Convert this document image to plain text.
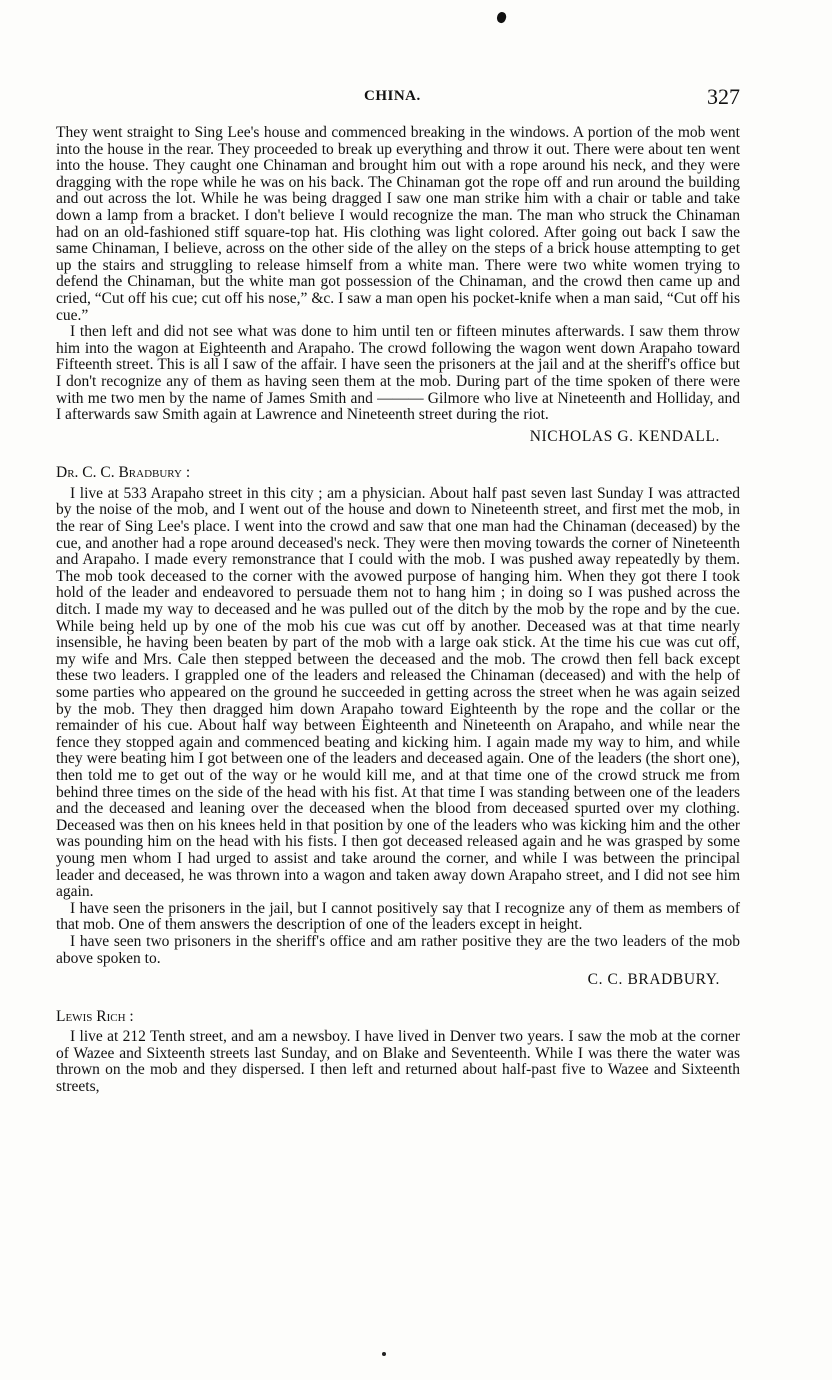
CHINA.	327

They went straight to Sing Lee's house and commenced breaking in the windows. A portion of the mob went into the house in the rear. They proceeded to break up everything and throw it out. There were about ten went into the house. They caught one Chinaman and brought him out with a rope around his neck, and they were dragging with the rope while he was on his back. The Chinaman got the rope off and run around the building and out across the lot. While he was being dragged I saw one man strike him with a chair or table and take down a lamp from a bracket. I don't believe I would recognize the man. The man who struck the Chinaman had on an old-fashioned stiff square-top hat. His clothing was light colored. After going out back I saw the same Chinaman, I believe, across on the other side of the alley on the steps of a brick house attempting to get up the stairs and struggling to release himself from a white man. There were two white women trying to defend the Chinaman, but the white man got possession of the Chinaman, and the crowd then came up and cried, “Cut off his cue; cut off his nose,” &c. I saw a man open his pocket-knife when a man said, “Cut off his cue.”

I then left and did not see what was done to him until ten or fifteen minutes afterwards. I saw them throw him into the wagon at Eighteenth and Arapaho. The crowd following the wagon went down Arapaho toward Fifteenth street. This is all I saw of the affair. I have seen the prisoners at the jail and at the sheriff's office but I don't recognize any of them as having seen them at the mob. During part of the time spoken of there were with me two men by the name of James Smith and ——— Gilmore who live at Nineteenth and Holliday, and I afterwards saw Smith again at Lawrence and Nineteenth street during the riot.

NICHOLAS G. KENDALL.
Dr. C. C. Bradbury :

I live at 533 Arapaho street in this city ; am a physician. About half past seven last Sunday I was attracted by the noise of the mob, and I went out of the house and down to Nineteenth street, and first met the mob, in the rear of Sing Lee's place. I went into the crowd and saw that one man had the Chinaman (deceased) by the cue, and another had a rope around deceased's neck. They were then moving towards the corner of Nineteenth and Arapaho. I made every remonstrance that I could with the mob. I was pushed away repeatedly by them. The mob took deceased to the corner with the avowed purpose of hanging him. When they got there I took hold of the leader and endeavored to persuade them not to hang him ; in doing so I was pushed across the ditch. I made my way to deceased and he was pulled out of the ditch by the mob by the rope and by the cue. While being held up by one of the mob his cue was cut off by another. Deceased was at that time nearly insensible, he having been beaten by part of the mob with a large oak stick. At the time his cue was cut off, my wife and Mrs. Cale then stepped between the deceased and the mob. The crowd then fell back except these two leaders. I grappled one of the leaders and released the Chinaman (deceased) and with the help of some parties who appeared on the ground he succeeded in getting across the street when he was again seized by the mob. They then dragged him down Arapaho toward Eighteenth by the rope and the collar or the remainder of his cue. About half way between Eighteenth and Nineteenth on Arapaho, and while near the fence they stopped again and commenced beating and kicking him. I again made my way to him, and while they were beating him I got between one of the leaders and deceased again. One of the leaders (the short one), then told me to get out of the way or he would kill me, and at that time one of the crowd struck me from behind three times on the side of the head with his fist. At that time I was standing between one of the leaders and the deceased and leaning over the deceased when the blood from deceased spurted over my clothing. Deceased was then on his knees held in that position by one of the leaders who was kicking him and the other was pounding him on the head with his fists. I then got deceased released again and he was grasped by some young men whom I had urged to assist and take around the corner, and while I was between the principal leader and deceased, he was thrown into a wagon and taken away down Arapaho street, and I did not see him again.

I have seen the prisoners in the jail, but I cannot positively say that I recognize any of them as members of that mob. One of them answers the description of one of the leaders except in height.

I have seen two prisoners in the sheriff's office and am rather positive they are the two leaders of the mob above spoken to.

C. C. BRADBURY.
Lewis Rich :

I live at 212 Tenth street, and am a newsboy. I have lived in Denver two years. I saw the mob at the corner of Wazee and Sixteenth streets last Sunday, and on Blake and Seventeenth. While I was there the water was thrown on the mob and they dispersed. I then left and returned about half-past five to Wazee and Sixteenth streets,
